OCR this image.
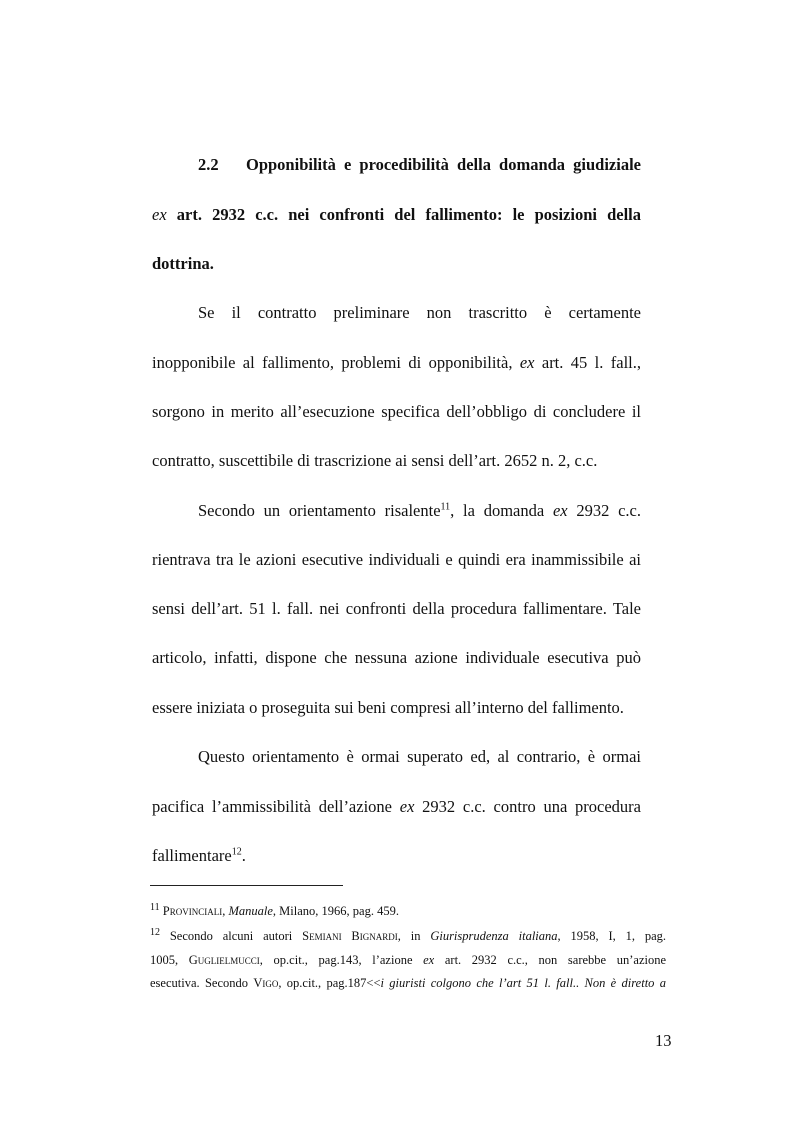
2.2 Opponibilità e procedibilità della domanda giudiziale
ex art. 2932 c.c. nei confronti del fallimento: le posizioni della
dottrina.
Se il contratto preliminare non trascritto è certamente
inopponibile al fallimento, problemi di opponibilità, ex art. 45 l. fall.,
sorgono in merito all’esecuzione specifica dell’obbligo di concludere il
contratto, suscettibile di trascrizione ai sensi dell’art. 2652 n. 2, c.c.
Secondo un orientamento risalente$^{11}$, la domanda ex 2932 c.c.
rientrava tra le azioni esecutive individuali e quindi era inammissibile ai
sensi dell’art. 51 l. fall. nei confronti della procedura fallimentare. Tale
articolo, infatti, dispone che nessuna azione individuale esecutiva può
essere iniziata o proseguita sui beni compresi all’interno del fallimento.
Questo orientamento è ormai superato ed, al contrario, è ormai
pacifica l’ammissibilità dell’azione ex 2932 c.c. contro una procedura
fallimentare$^{12}$.
$^{11}$ Provinciali, Manuale, Milano, 1966, pag. 459.
$^{12}$ Secondo alcuni autori Semiani Bignardi, in Giurisprudenza italiana, 1958, I, 1, pag.
1005, Guglielmucci, op.cit., pag.143, l’azione ex art. 2932 c.c., non sarebbe un’azione
esecutiva. Secondo Vigo, op.cit., pag.187<<i giuristi colgono che l’art 51 l. fall.. Non è diretto a
13
